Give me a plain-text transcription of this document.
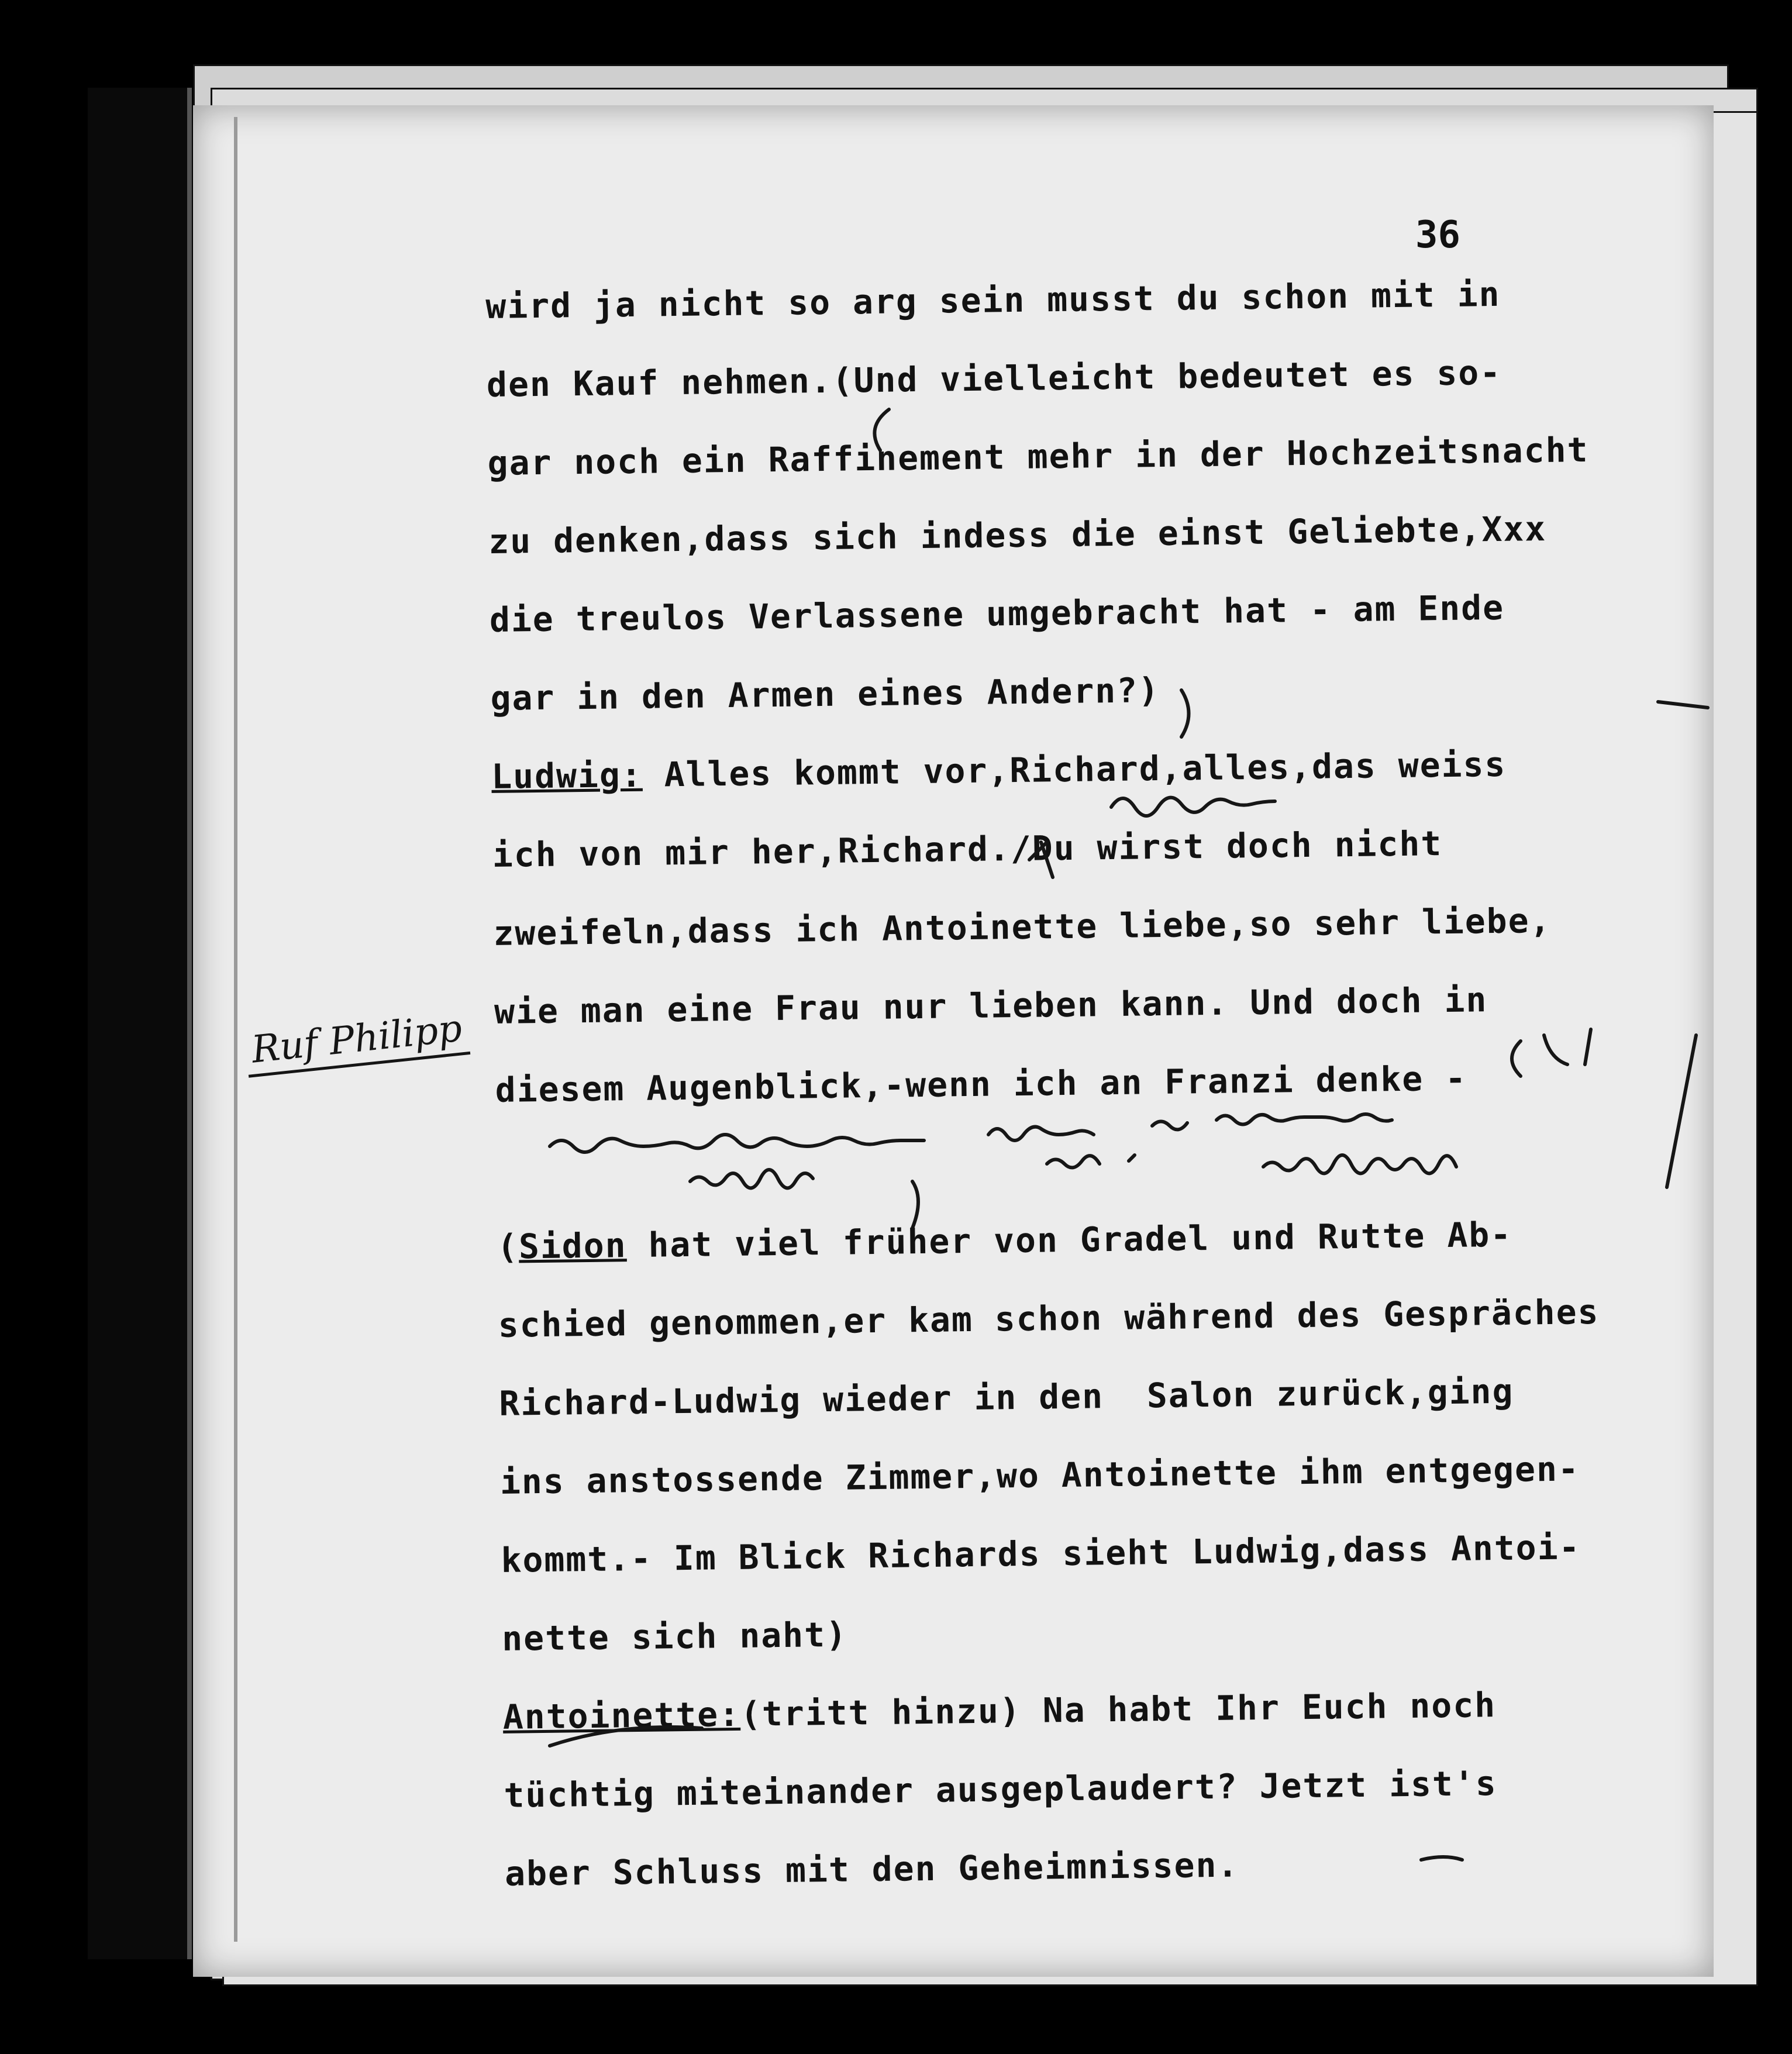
36
wird ja nicht so arg sein musst du schon mit in
den Kauf nehmen.(Und vielleicht bedeutet es so-
gar noch ein Raffinement mehr in der Hochzeitsnacht
zu denken,dass sich indess die einst Geliebte,Xxx
die treulos Verlassene umgebracht hat - am Ende
gar in den Armen eines Andern?)
Ludwig: Alles kommt vor,Richard,alles,das weiss
ich von mir her,Richard./Du wirst doch nicht
zweifeln,dass ich Antoinette liebe,so sehr liebe,
wie man eine Frau nur lieben kann. Und doch in
diesem Augenblick,-wenn ich an Franzi denke -
(Sidon hat viel früher von Gradel und Rutte Ab-
schied genommen,er kam schon während des Gespräches
Richard-Ludwig wieder in den  Salon zurück,ging
ins anstossende Zimmer,wo Antoinette ihm entgegen-
kommt.- Im Blick Richards sieht Ludwig,dass Antoi-
nette sich naht)
Antoinette:(tritt hinzu) Na habt Ihr Euch noch
tüchtig miteinander ausgeplaudert? Jetzt ist's
aber Schluss mit den Geheimnissen.
Ruf Philipp
